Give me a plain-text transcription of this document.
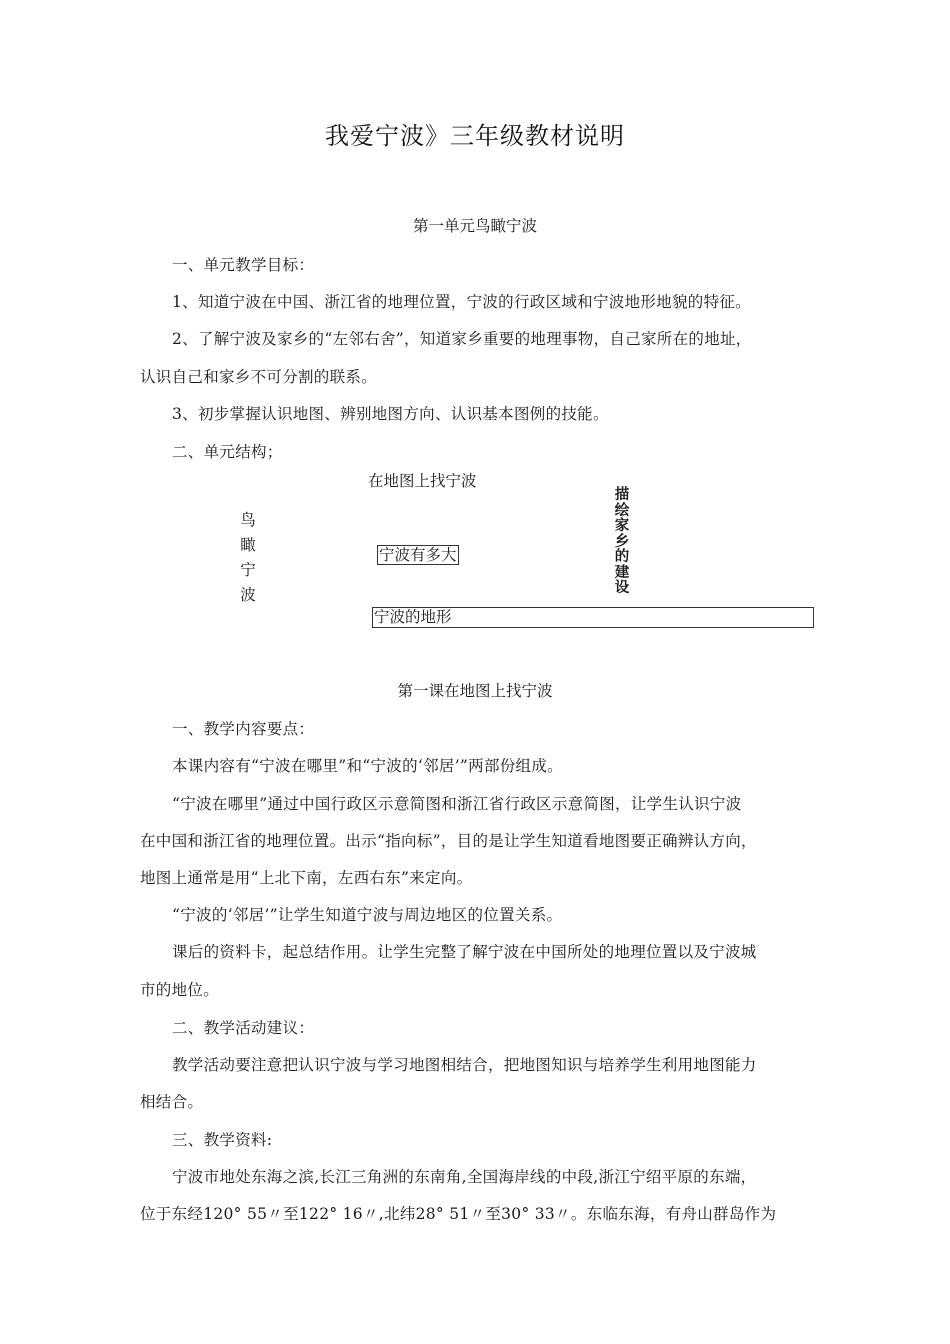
我爱宁波》三年级教材说明
第一单元鸟瞰宁波
一、单元教学目标：
1、知道宁波在中国、浙江省的地理位置，宁波的行政区域和宁波地形地貌的特征。
2、了解宁波及家乡的“左邻右舍”，知道家乡重要的地理事物，自己家所在的地址，
认识自己和家乡不可分割的联系。
3、初步掌握认识地图、辨别地图方向、认识基本图例的技能。
二、单元结构；
在地图上找宁波
鸟
瞰
宁
波
宁波有多大
描
绘
家
乡
的
建
设
宁波的地形
第一课在地图上找宁波
一、教学内容要点：
本课内容有“宁波在哪里”和“宁波的‘邻居’”两部份组成。
“宁波在哪里”通过中国行政区示意简图和浙江省行政区示意简图，让学生认识宁波
在中国和浙江省的地理位置。出示“指向标”，目的是让学生知道看地图要正确辨认方向，
地图上通常是用“上北下南，左西右东”来定向。
“宁波的‘邻居’”让学生知道宁波与周边地区的位置关系。
课后的资料卡，起总结作用。让学生完整了解宁波在中国所处的地理位置以及宁波城
市的地位。
二、教学活动建议：
教学活动要注意把认识宁波与学习地图相结合，把地图知识与培养学生利用地图能力
相结合。
三、教学资料:
宁波市地处东海之滨,长江三角洲的东南角,全国海岸线的中段,浙江宁绍平原的东端，
位于东经120° 55〃至122° 16〃,北纬28° 51〃至30° 33〃。东临东海，有舟山群岛作为
